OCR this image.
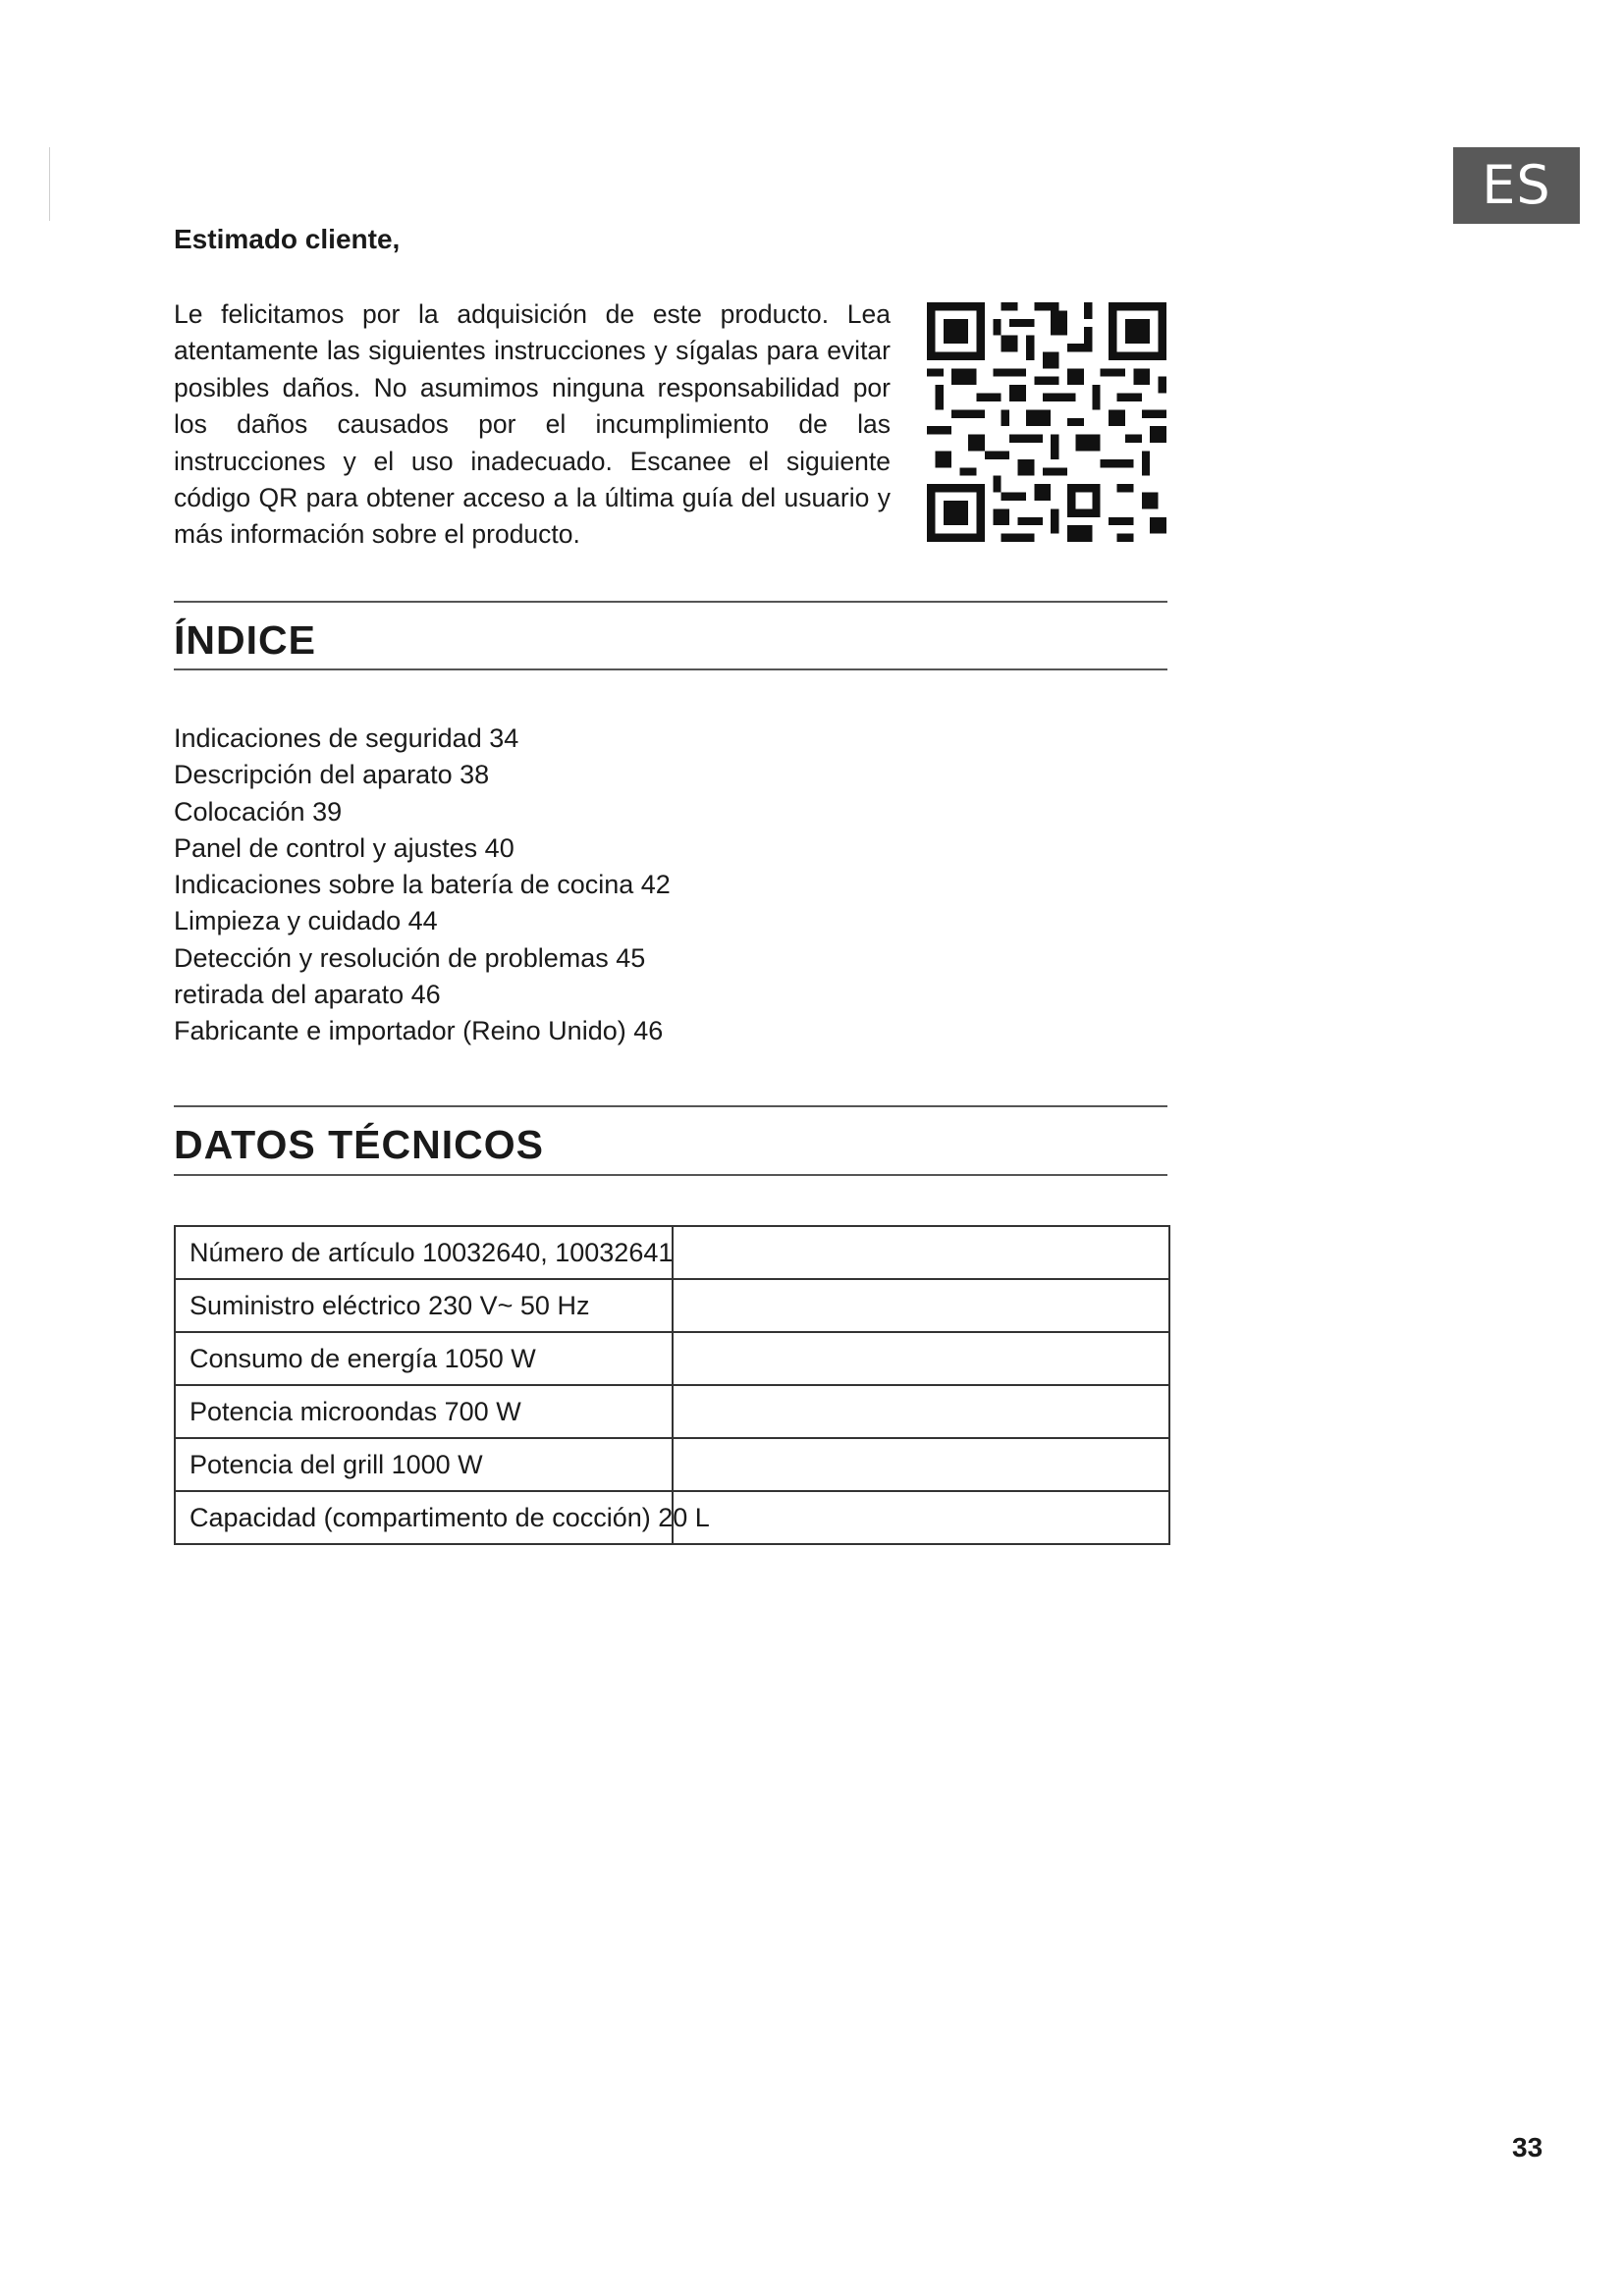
ES
Estimado cliente,

Le felicitamos por la adquisición de este producto. Lea atentamente las siguientes instrucciones y sígalas para evitar posibles daños. No asumimos ninguna responsabilidad por los daños causados por el incumplimiento de las instrucciones y el uso inadecuado. Escanee el siguiente código QR para obtener acceso a la última guía del usuario y más información sobre el producto.

ÍNDICE
Indicaciones de seguridad 34
Descripción del aparato 38
Colocación 39
Panel de control y ajustes 40
Indicaciones sobre la batería de cocina 42
Limpieza y cuidado 44
Detección y resolución de problemas 45
retirada del aparato 46
Fabricante e importador (Reino Unido) 46
DATOS TÉCNICOS
Número de artículo 10032640, 10032641	
Suministro eléctrico 230 V~ 50 Hz	
Consumo de energía 1050 W	
Potencia microondas 700 W	
Potencia del grill 1000 W	
Capacidad (compartimento de cocción) 20 L	
33
